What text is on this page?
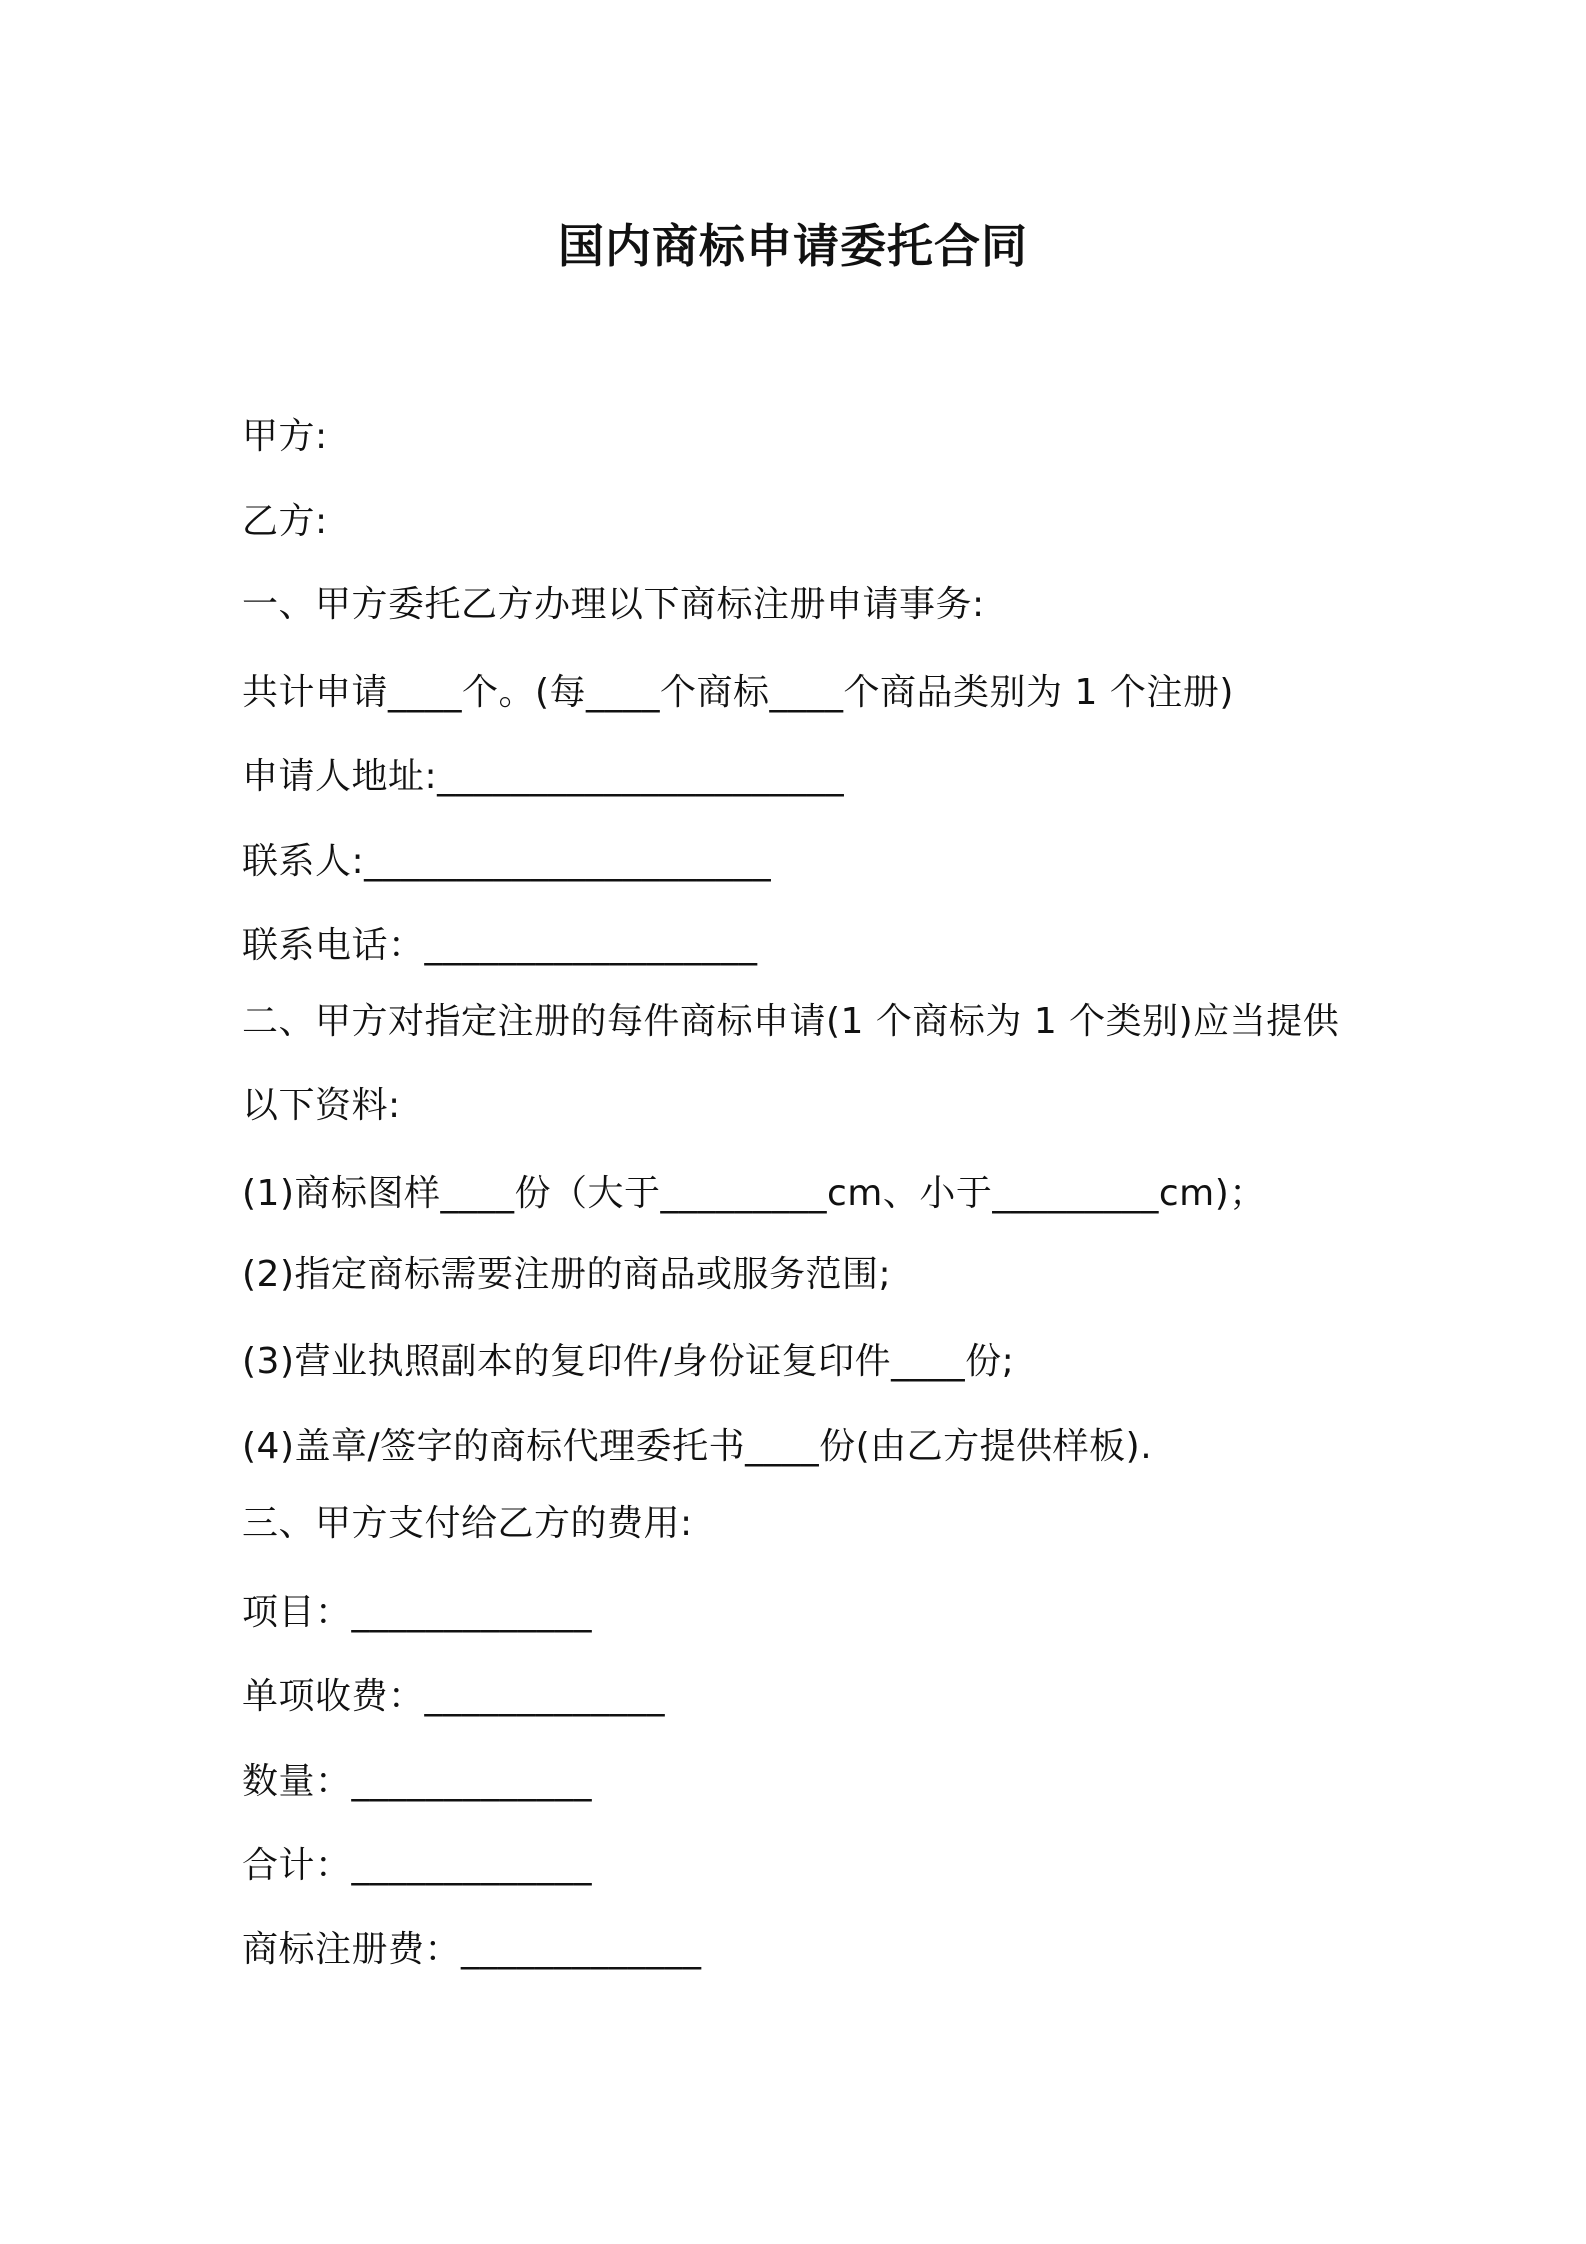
国内商标申请委托合同
甲方:
乙方:
一、甲方委托乙方办理以下商标注册申请事务:
共计申请____个。(每____个商标____个商品类别为 1 个注册)
申请人地址:______________________
联系人:______________________
联系电话：__________________
二、甲方对指定注册的每件商标申请(1 个商标为 1 个类别)应当提供
以下资料:
(1)商标图样____份（大于_________cm、小于_________cm)；
(2)指定商标需要注册的商品或服务范围;
(3)营业执照副本的复印件/身份证复印件____份;
(4)盖章/签字的商标代理委托书____份(由乙方提供样板).
三、甲方支付给乙方的费用:
项目：_____________
单项收费：_____________
数量：_____________
合计：_____________
商标注册费：_____________
